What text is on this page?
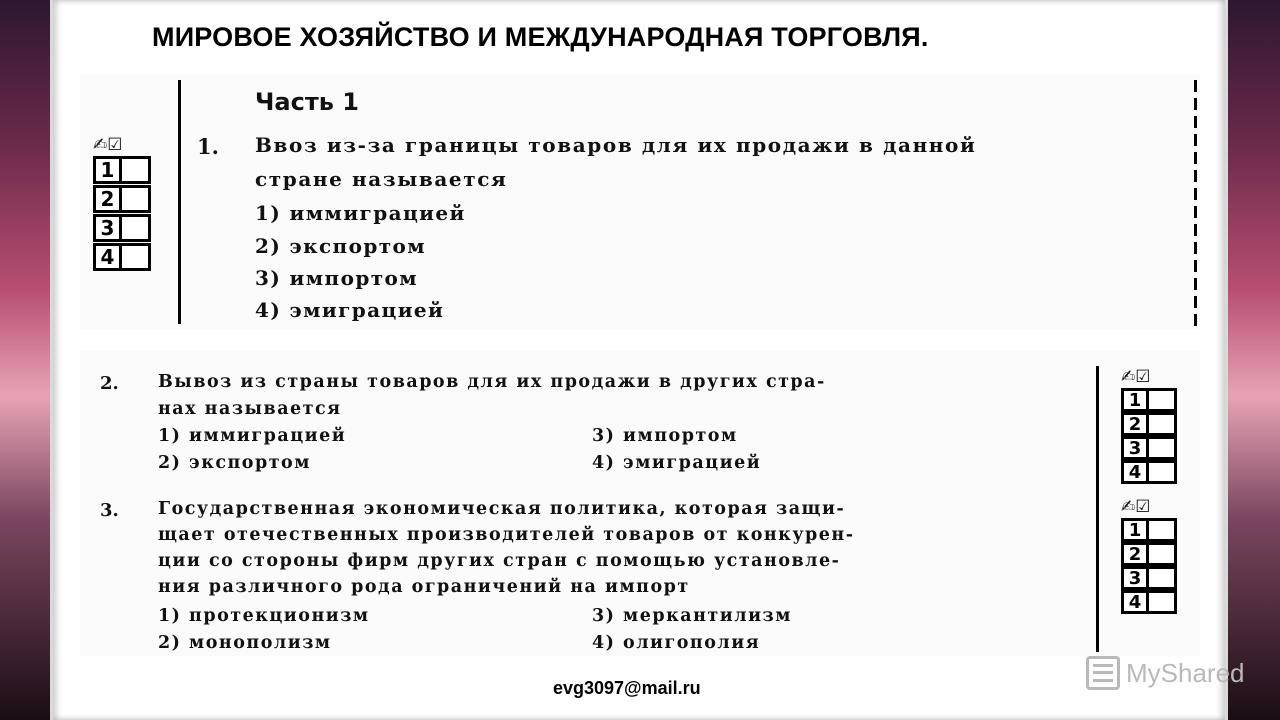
МИРОВОЕ ХОЗЯЙСТВО И МЕЖДУНАРОДНАЯ ТОРГОВЛЯ.
Часть 1
✍☑
1
2
3
4
1. Ввоз из-за границы товаров для их продажи в данной
стране называется
1) иммиграцией
2) экспортом
3) импортом
4) эмиграцией
2. Вывоз из страны товаров для их продажи в других стра-
нах называется
1) иммиграцией	3) импортом
2) экспортом	4) эмиграцией
✍☑
1
2
3
4
3. Государственная экономическая политика, которая защи-
щает отечественных производителей товаров от конкурен-
ции со стороны фирм других стран с помощью установле-
ния различного рода ограничений на импорт
1) протекционизм	3) меркантилизм
2) монополизм	4) олигополия
✍☑
1
2
3
4
evg3097@mail.ru
MyShared
